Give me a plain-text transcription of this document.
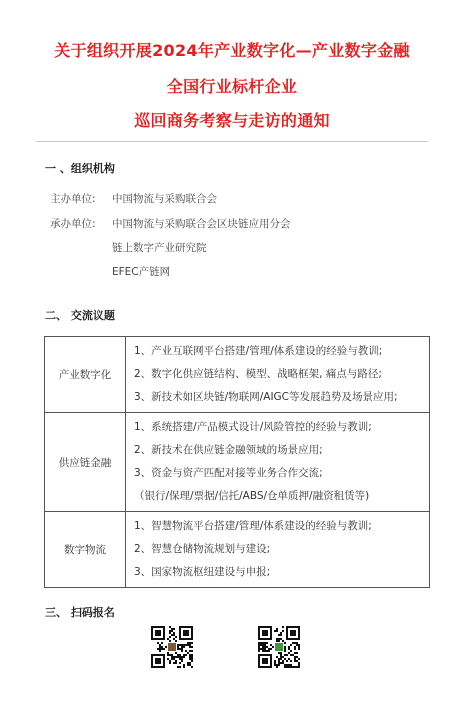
关于组织开展2024年产业数字化—产业数字金融
全国行业标杆企业
巡回商务考察与走访的通知
一 、组织机构
主办单位: 中国物流与采购联合会
承办单位: 中国物流与采购联合会区块链应用分会
链上数字产业研究院
EFEC产链网
二、 交流议题
产业数字化	1、产业互联网平台搭建/管理/体系建设的经验与教训;
2、数字化供应链结构、模型、战略框架, 痛点与路径;
3、新技术如区块链/物联网/AIGC等发展趋势及场景应用;

供应链金融	1、系统搭建/产品模式设计/风险管控的经验与教训;
2、新技术在供应链金融领域的场景应用;
3、资金与资产匹配对接等业务合作交流;
（银行/保理/票据/信托/ABS/仓单质押/融资租赁等)

数字物流	1、智慧物流平台搭建/管理/体系建设的经验与教训;
2、智慧仓储物流规划与建设;
3、国家物流枢纽建设与申报;
三、 扫码报名
